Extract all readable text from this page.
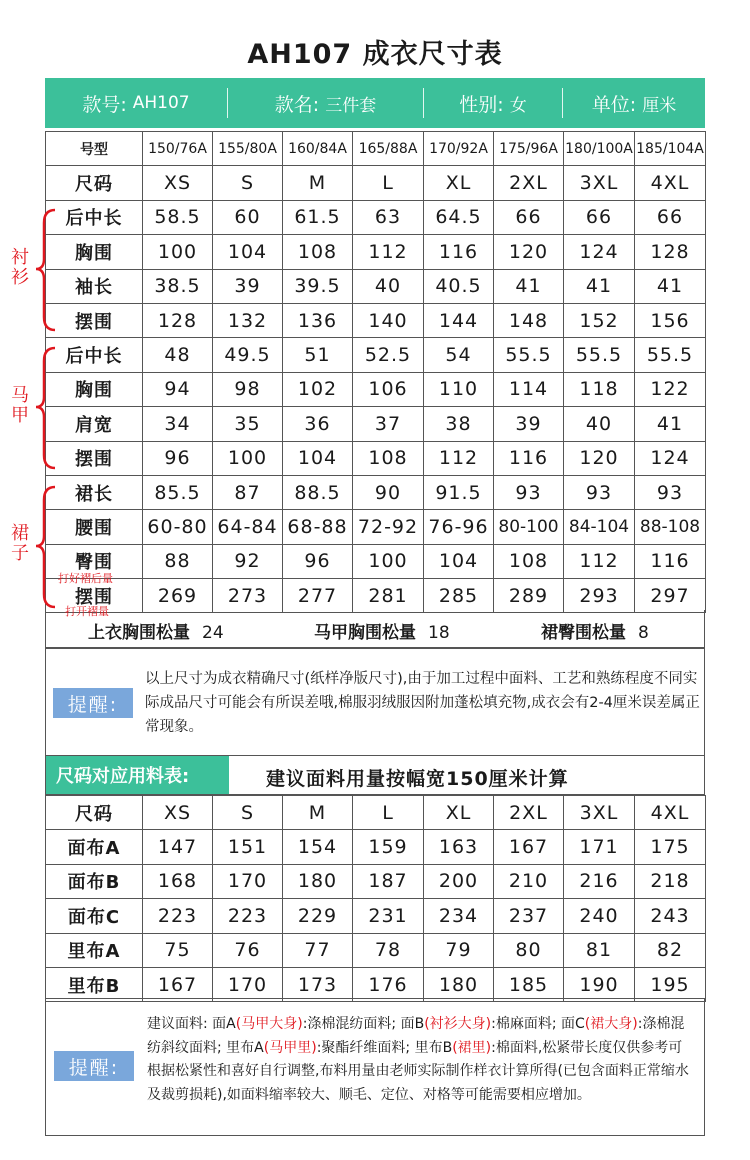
AH107 成衣尺寸表
款号: AH107	款名: 三件套	性别: 女	单位: 厘米
号型	150/76A	155/80A	160/84A	165/88A	170/92A	175/96A	180/100A	185/104A
尺码	XS	S	M	L	XL	2XL	3XL	4XL
后中长	58.5	60	61.5	63	64.5	66	66	66
胸围	100	104	108	112	116	120	124	128
袖长	38.5	39	39.5	40	40.5	41	41	41
摆围	128	132	136	140	144	148	152	156
后中长	48	49.5	51	52.5	54	55.5	55.5	55.5
胸围	94	98	102	106	110	114	118	122
肩宽	34	35	36	37	38	39	40	41
摆围	96	100	104	108	112	116	120	124
裙长	85.5	87	88.5	90	91.5	93	93	93
腰围	60-80	64-84	68-88	72-92	76-96	80-100	84-104	88-108
臀围	88	92	96	100	104	108	112	116
摆围	269	273	277	281	285	289	293	297
衬衫
马甲
裙子
打好褶后量
打开褶量
上衣胸围松量 24	马甲胸围松量 18	裙臀围松量 8
提醒:
以上尺寸为成衣精确尺寸(纸样净版尺寸),由于加工过程中面料、工艺和熟练程度不同实际成品尺寸可能会有所误差哦,棉服羽绒服因附加蓬松填充物,成衣会有2-4厘米误差属正常现象。
尺码对应用料表:	建议面料用量按幅宽150厘米计算
尺码	XS	S	M	L	XL	2XL	3XL	4XL
面布A	147	151	154	159	163	167	171	175
面布B	168	170	180	187	200	210	216	218
面布C	223	223	229	231	234	237	240	243
里布A	75	76	77	78	79	80	81	82
里布B	167	170	173	176	180	185	190	195
提醒:
建议面料: 面A(马甲大身):涤棉混纺面料; 面B(衬衫大身):棉麻面料; 面C(裙大身):涤棉混纺斜纹面料; 里布A(马甲里):聚酯纤维面料; 里布B(裙里):棉面料,松紧带长度仅供参考可根据松紧性和喜好自行调整,布料用量由老师实际制作样衣计算所得(已包含面料正常缩水及裁剪损耗),如面料缩率较大、顺毛、定位、对格等可能需要相应增加。
